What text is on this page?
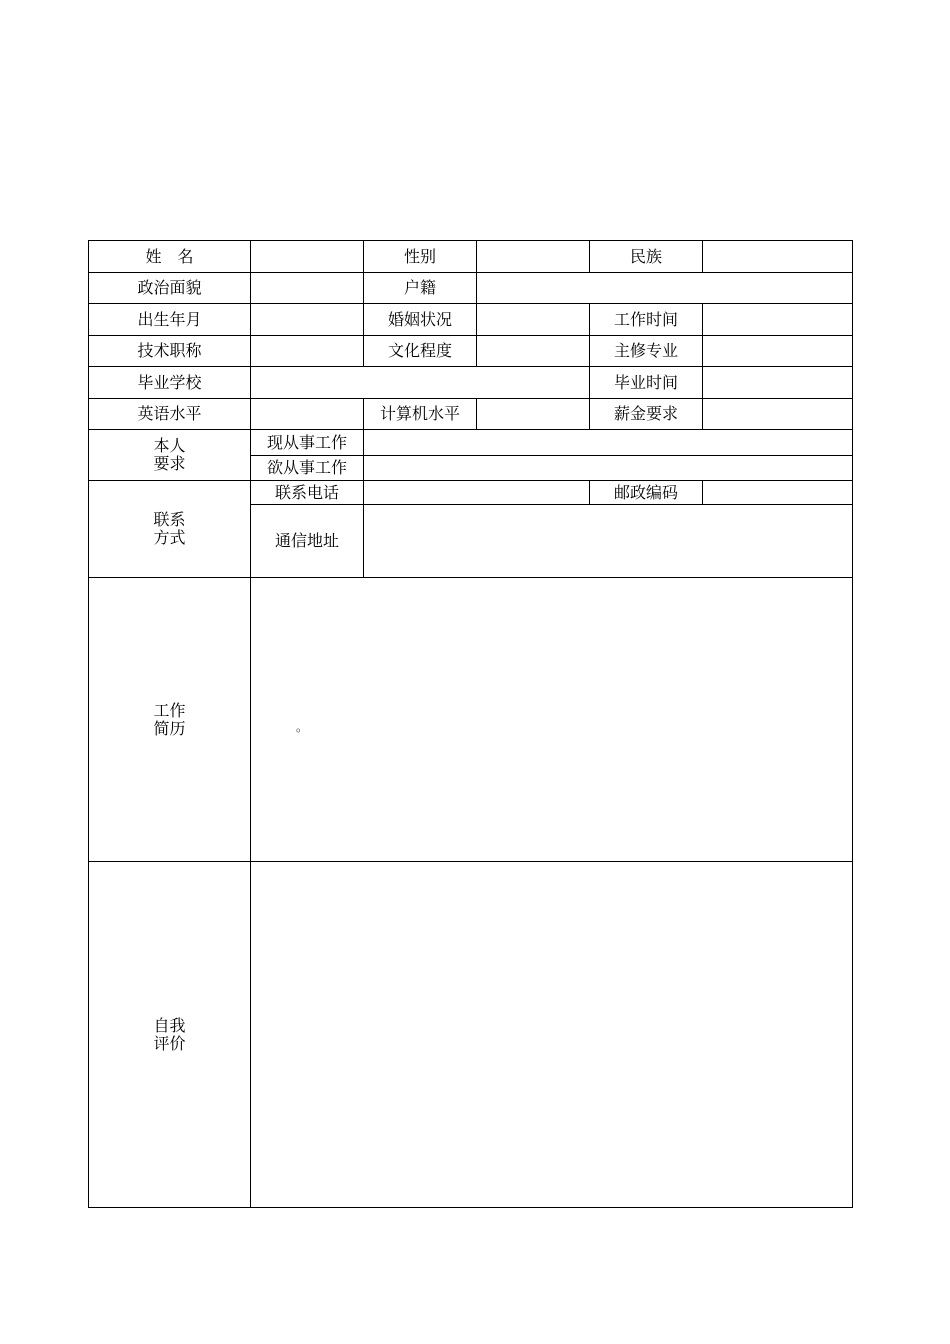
姓　名		性别		民族	
政治面貌		户籍			
出生年月		婚姻状况		工作时间	
技术职称		文化程度		主修专业	
毕业学校				毕业时间	
英语水平		计算机水平		薪金要求	

本人
要求	现从事工作				
	欲从事工作				

联系
方式	联系电话			邮政编码	
	通信地址				

工作
简历					

自我
评价					

。
